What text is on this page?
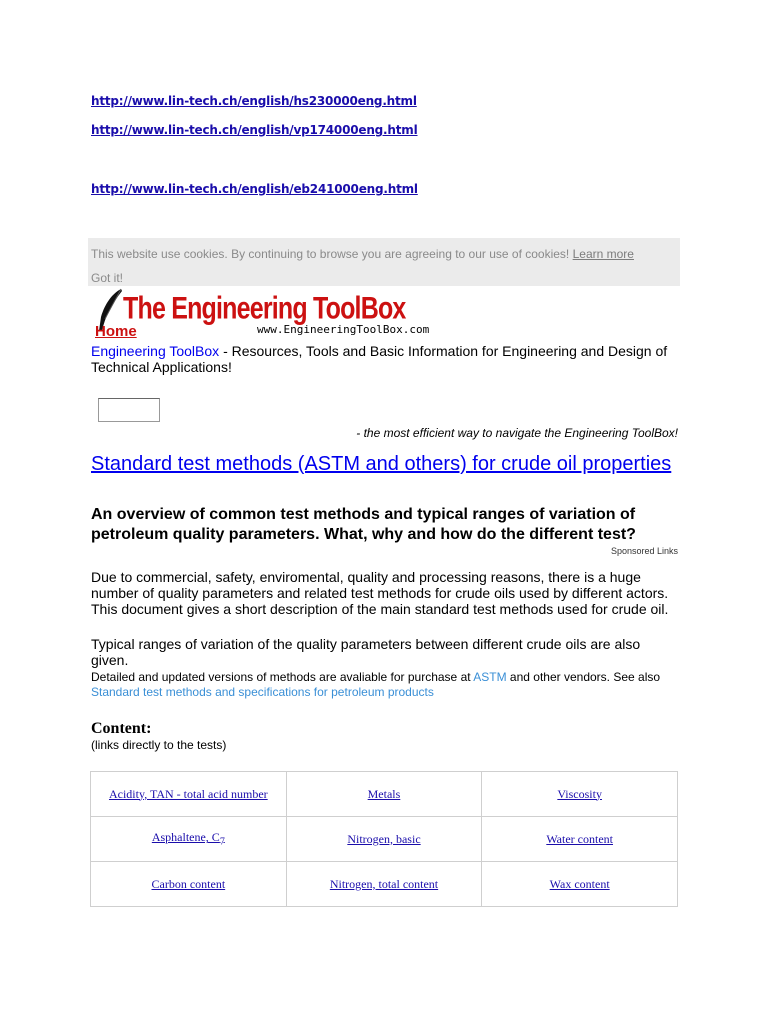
http://www.lin-tech.ch/english/hs230000eng.html
http://www.lin-tech.ch/english/vp174000eng.html
http://www.lin-tech.ch/english/eb241000eng.html
This website use cookies. By continuing to browse you are agreeing to our use of cookies! Learn more
Got it!
The Engineering ToolBox
Home	www.EngineeringToolBox.com
Engineering ToolBox - Resources, Tools and Basic Information for Engineering and Design of Technical Applications!
- the most efficient way to navigate the Engineering ToolBox!
Standard test methods (ASTM and others) for crude oil properties
An overview of common test methods and typical ranges of variation of petroleum quality parameters. What, why and how do the different test?
Sponsored Links
Due to commercial, safety, enviromental, quality and processing reasons, there is a huge number of quality parameters and related test methods for crude oils used by different actors. This document gives a short description of the main standard test methods used for crude oil.
Typical ranges of variation of the quality parameters between different crude oils are also given.
Detailed and updated versions of methods are avaliable for purchase at ASTM and other vendors. See also Standard test methods and specifications for petroleum products
Content:
(links directly to the tests)
Acidity, TAN - total acid number	Metals	Viscosity
Asphaltene, $C_7$	Nitrogen, basic	Water content
Carbon content	Nitrogen, total content	Wax content
